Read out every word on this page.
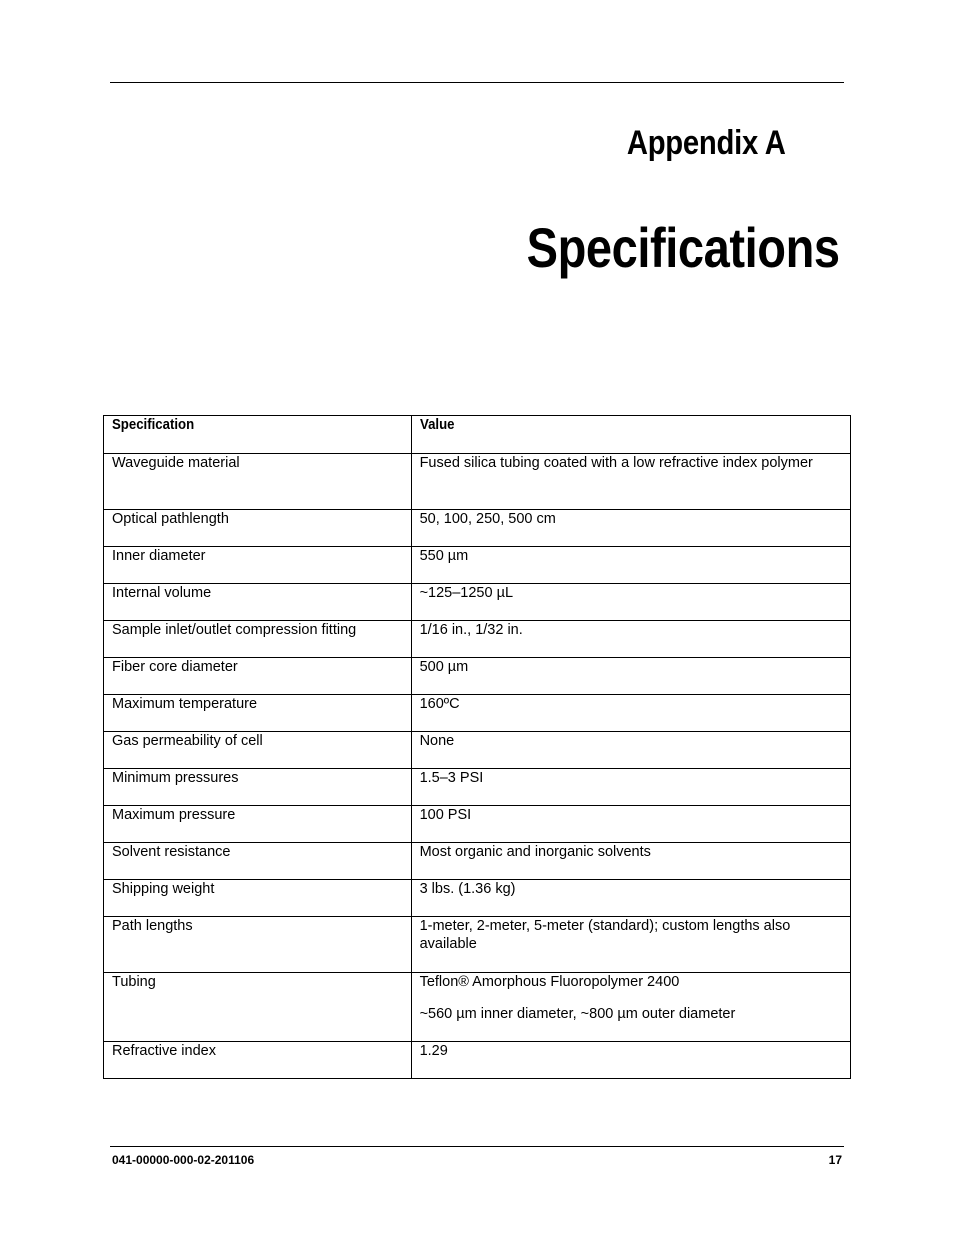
Appendix A
Specifications
Specification	Value
Waveguide material	Fused silica tubing coated with a low refractive index polymer
Optical pathlength	50, 100, 250, 500 cm
Inner diameter	550 µm
Internal volume	~125–1250 µL
Sample inlet/outlet compression fitting	1/16 in., 1/32 in.
Fiber core diameter	500 µm
Maximum temperature	160ºC
Gas permeability of cell	None
Minimum pressures	1.5–3 PSI
Maximum pressure	100 PSI
Solvent resistance	Most organic and inorganic solvents
Shipping weight	3 lbs. (1.36 kg)
Path lengths	1-meter, 2-meter, 5-meter (standard); custom lengths also available
Tubing	Teflon® Amorphous Fluoropolymer 2400
~560 µm inner diameter, ~800 µm outer diameter

Refractive index	1.29
041-00000-000-02-201106	17
